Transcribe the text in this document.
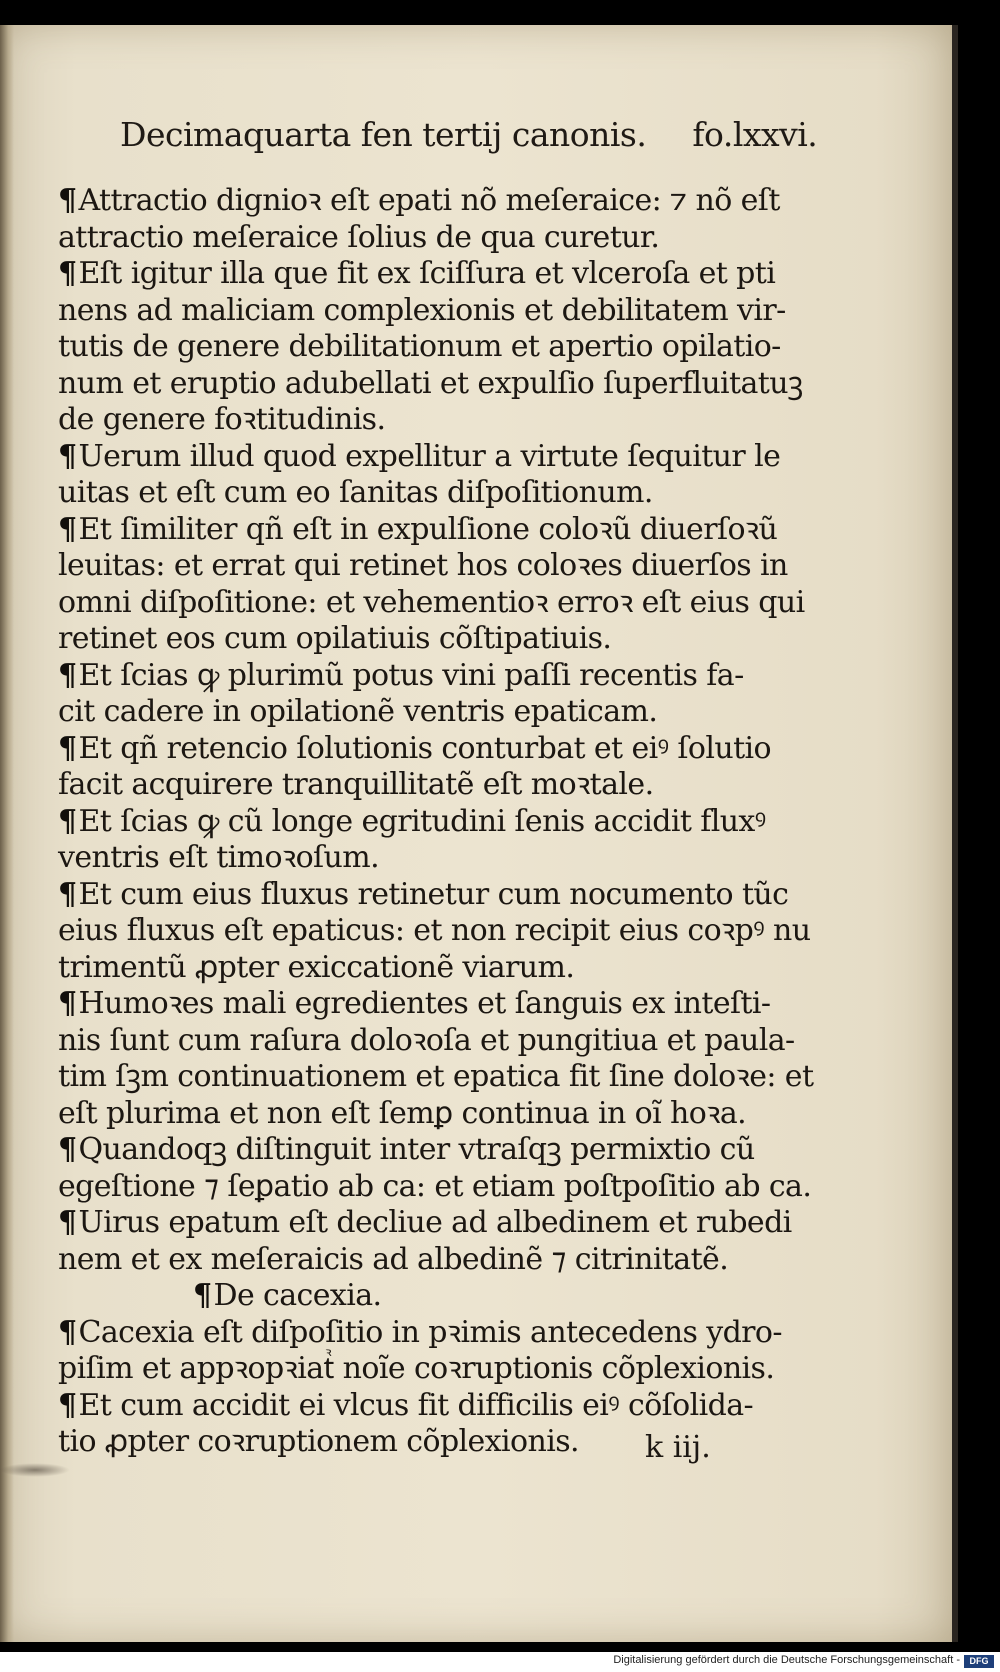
Decimaquarta fen tertij canonis. fo.lxxvi.
¶Attractio dignioꝛ eſt epati nõ meſeraice: ⁊ nõ eſt
attractio meſeraice ſolius de qua curetur.
¶Eſt igitur illa que fit ex ſciſſura et vlceroſa et pti
nens ad maliciam complexionis et debilitatem vir-
tutis de genere debilitationum et apertio opilatio-
num et eruptio adubellati et expulſio ſuperfluitatuꝫ
de genere foꝛtitudinis.
¶Uerum illud quod expellitur a virtute ſequitur le
uitas et eſt cum eo ſanitas diſpoſitionum.
¶Et ſimiliter qñ eſt in expulſione coloꝛũ diuerſoꝛũ
leuitas: et errat qui retinet hos coloꝛes diuerſos in
omni diſpoſitione: et vehementioꝛ erroꝛ eſt eius qui
retinet eos cum opilatiuis cõſtipatiuis.
¶Et ſcias ꝙ plurimũ potus vini paſſi recentis fa-
cit cadere in opilationẽ ventris epaticam.
¶Et qñ retencio ſolutionis conturbat et eiꝰ ſolutio
facit acquirere tranquillitatẽ eſt moꝛtale.
¶Et ſcias ꝙ cũ longe egritudini ſenis accidit fluxꝰ
ventris eſt timoꝛoſum.
¶Et cum eius fluxus retinetur cum nocumento tũc
eius fluxus eſt epaticus: et non recipit eius coꝛpꝰ nu
trimentũ ꝓpter exiccationẽ viarum.
¶Humoꝛes mali egredientes et ſanguis ex inteſti-
nis ſunt cum raſura doloꝛoſa et pungitiua et paula-
tim ſꝫm continuationem et epatica fit ſine doloꝛe: et
eſt plurima et non eſt ſemꝑ continua in oĩ hoꝛa.
¶Quandoqꝫ diſtinguit inter vtraſqꝫ permixtio cũ
egeſtione ⁊ ſeꝑatio ab ca: et etiam poſtpoſitio ab ca.
¶Uirus epatum eſt decliue ad albedinem et rubedi
nem et ex meſeraicis ad albedinẽ ⁊ citrinitatẽ.
¶De cacexia.
¶Cacexia eſt diſpoſitio in pꝛimis antecedens ydro-
piſim et appꝛopꝛiatᷣ noĩe coꝛruptionis cõplexionis.
¶Et cum accidit ei vlcus fit difficilis eiꝰ cõſolida-
tio ꝓpter coꝛruptionem cõplexionis.	k iij.
Digitalisierung gefördert durch die Deutsche Forschungsgemeinschaft -	DFG
